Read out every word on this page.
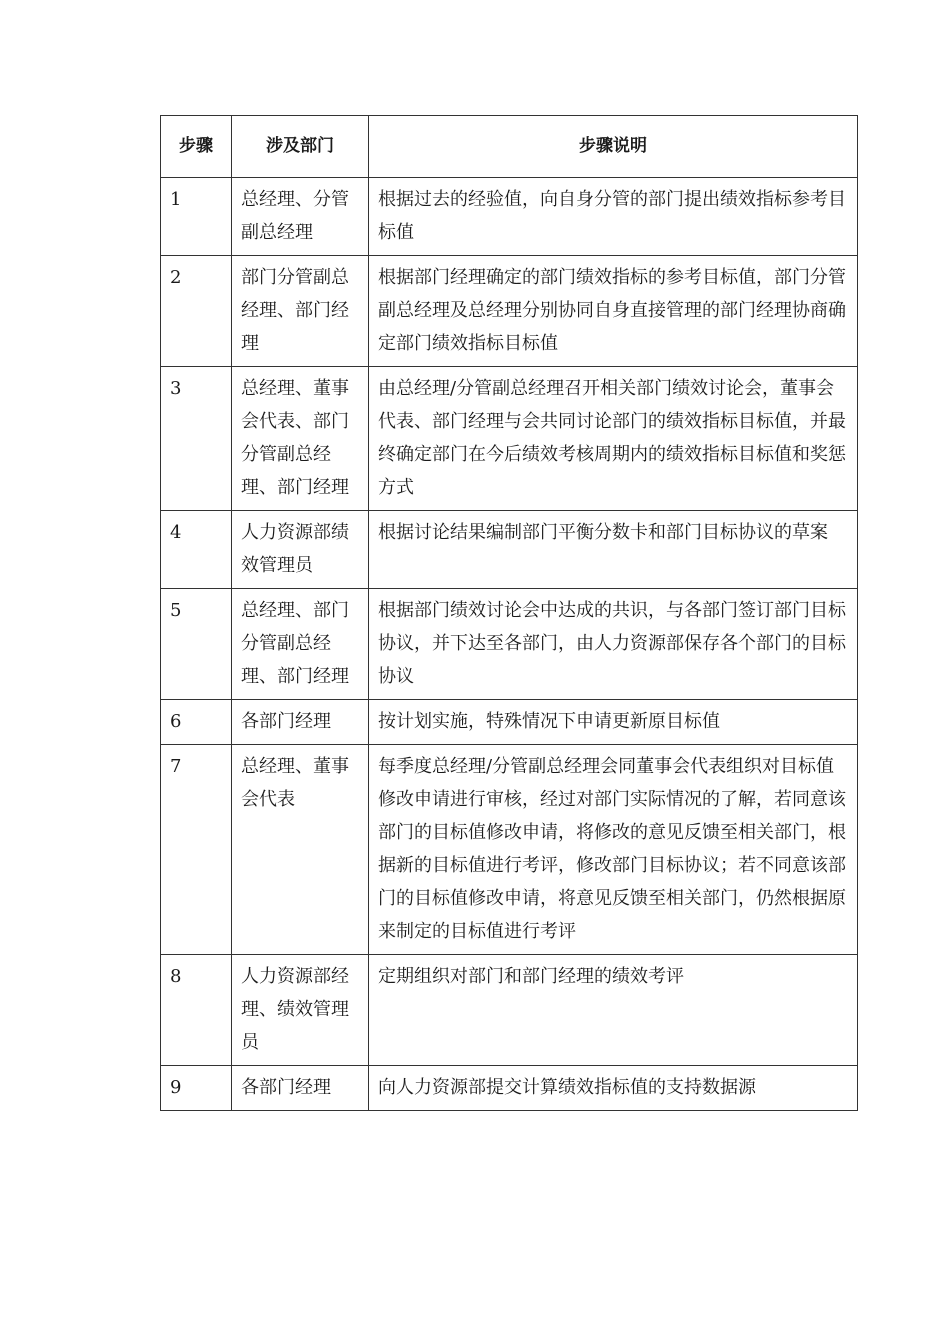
步骤	涉及部门	步骤说明
1	总经理、分管副总经理	根据过去的经验值，向自身分管的部门提出绩效指标参考目标值
2	部门分管副总经理、部门经理	根据部门经理确定的部门绩效指标的参考目标值，部门分管副总经理及总经理分别协同自身直接管理的部门经理协商确定部门绩效指标目标值
3	总经理、董事会代表、部门分管副总经理、部门经理	由总经理/分管副总经理召开相关部门绩效讨论会，董事会代表、部门经理与会共同讨论部门的绩效指标目标值，并最终确定部门在今后绩效考核周期内的绩效指标目标值和奖惩方式
4	人力资源部绩效管理员	根据讨论结果编制部门平衡分数卡和部门目标协议的草案
5	总经理、部门分管副总经理、部门经理	根据部门绩效讨论会中达成的共识，与各部门签订部门目标协议，并下达至各部门，由人力资源部保存各个部门的目标协议
6	各部门经理	按计划实施，特殊情况下申请更新原目标值
7	总经理、董事会代表	每季度总经理/分管副总经理会同董事会代表组织对目标值修改申请进行审核，经过对部门实际情况的了解，若同意该部门的目标值修改申请，将修改的意见反馈至相关部门，根据新的目标值进行考评，修改部门目标协议；若不同意该部门的目标值修改申请，将意见反馈至相关部门，仍然根据原来制定的目标值进行考评
8	人力资源部经理、绩效管理员	定期组织对部门和部门经理的绩效考评
9	各部门经理	向人力资源部提交计算绩效指标值的支持数据源
